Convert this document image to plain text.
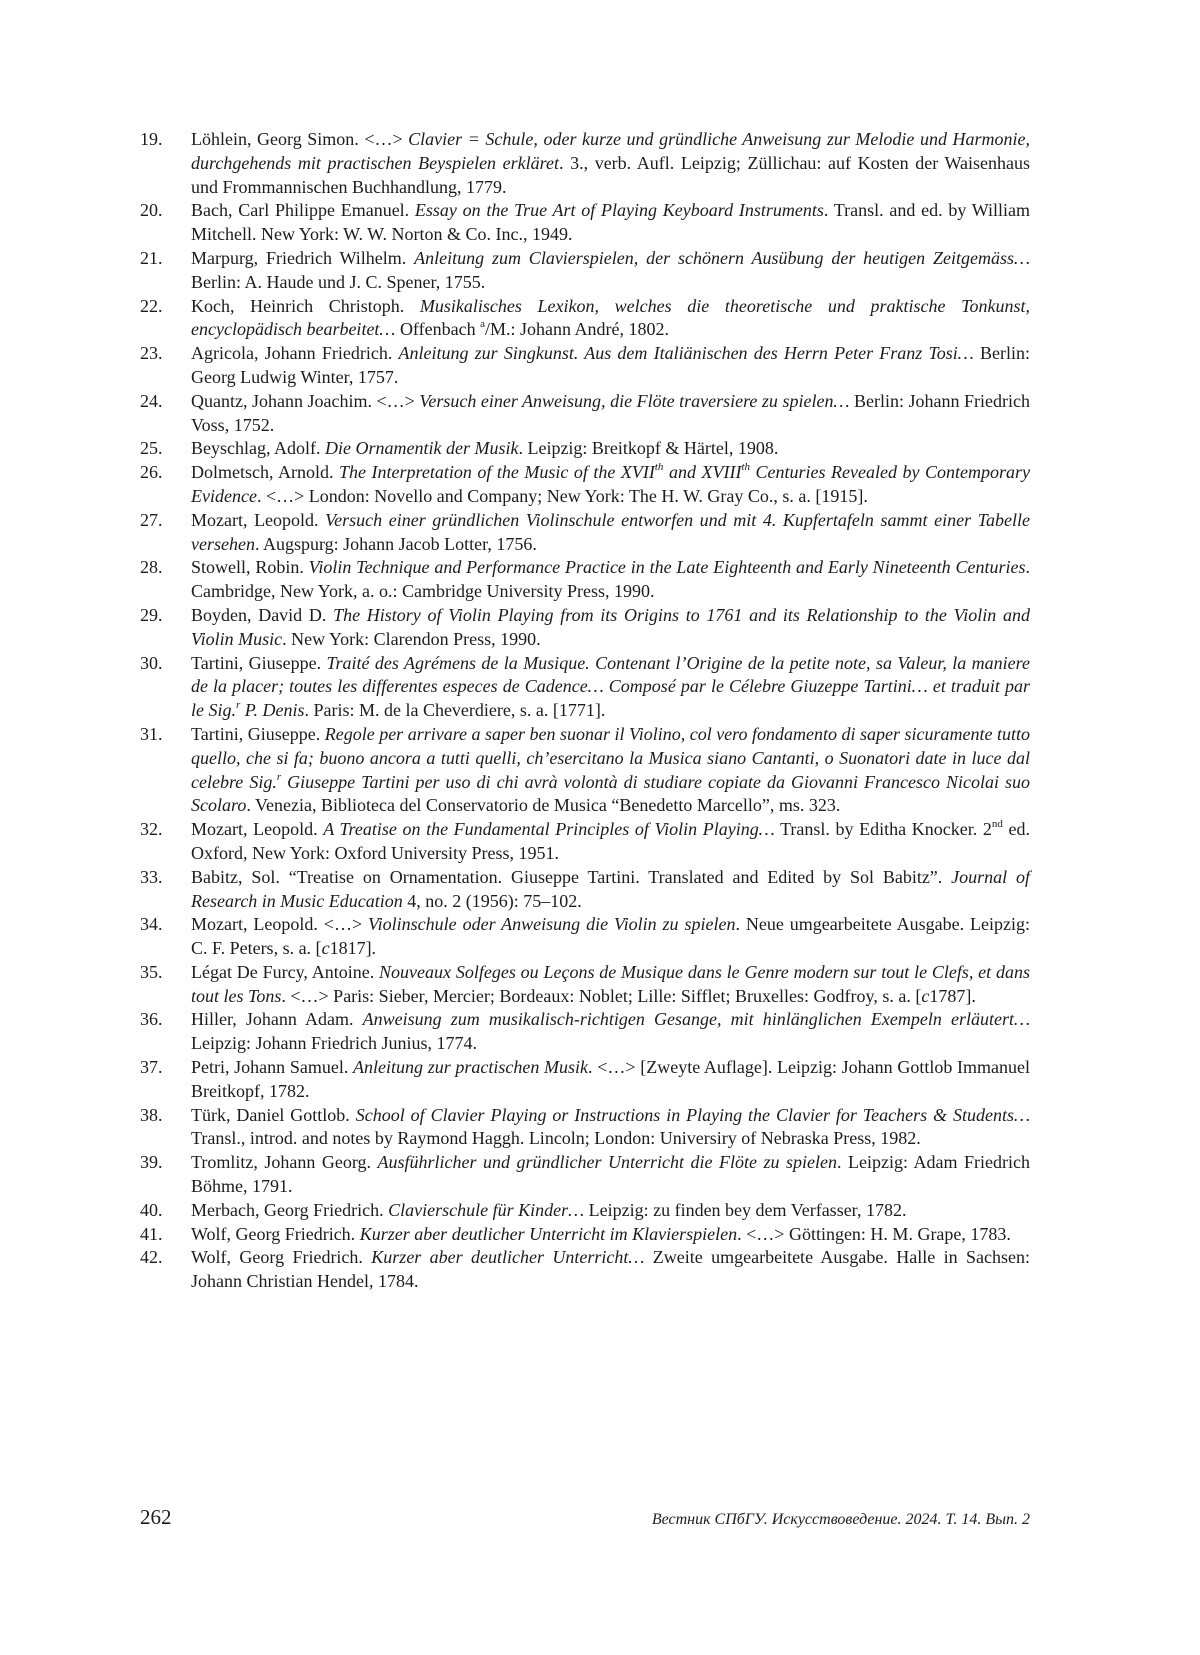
19.	Löhlein, Georg Simon. <…> Clavier = Schule, oder kurze und gründliche Anweisung zur Melodie und Harmonie, durchgehends mit practischen Beyspielen erkläret. 3., verb. Aufl. Leipzig; Züllichau: auf Kosten der Waisenhaus und Frommannischen Buchhandlung, 1779.
20.	Bach, Carl Philippe Emanuel. Essay on the True Art of Playing Keyboard Instruments. Transl. and ed. by William Mitchell. New York: W. W. Norton & Co. Inc., 1949.
21.	Marpurg, Friedrich Wilhelm. Anleitung zum Clavierspielen, der schönern Ausübung der heutigen Zeitgemäss… Berlin: A. Haude und J. C. Spener, 1755.
22.	Koch, Heinrich Christoph. Musikalisches Lexikon, welches die theoretische und praktische Tonkunst, encyclopädisch bearbeitet… Offenbach $^a$/M.: Johann André, 1802.
23.	Agricola, Johann Friedrich. Anleitung zur Singkunst. Aus dem Italiänischen des Herrn Peter Franz Tosi… Berlin: Georg Ludwig Winter, 1757.
24.	Quantz, Johann Joachim. <…> Versuch einer Anweisung, die Flöte traversiere zu spielen… Berlin: Johann Friedrich Voss, 1752.
25.	Beyschlag, Adolf. Die Ornamentik der Musik. Leipzig: Breitkopf & Härtel, 1908.
26.	Dolmetsch, Arnold. The Interpretation of the Music of the XVIIth and XVIIIth Centuries Revealed by Contemporary Evidence. <…> London: Novello and Company; New York: The H. W. Gray Co., s. a. [1915].
27.	Mozart, Leopold. Versuch einer gründlichen Violinschule entworfen und mit 4. Kupfertafeln sammt einer Tabelle versehen. Augspurg: Johann Jacob Lotter, 1756.
28.	Stowell, Robin. Violin Technique and Performance Practice in the Late Eighteenth and Early Nineteenth Centuries. Cambridge, New York, a. o.: Cambridge University Press, 1990.
29.	Boyden, David D. The History of Violin Playing from its Origins to 1761 and its Relationship to the Violin and Violin Music. New York: Clarendon Press, 1990.
30.	Tartini, Giuseppe. Traité des Agrémens de la Musique. Contenant l’Origine de la petite note, sa Valeur, la maniere de la placer; toutes les differentes especes de Cadence… Composé par le Célebre Giuzeppe Tartini… et traduit par le Sig.$^r$ P. Denis. Paris: M. de la Cheverdiere, s. a. [1771].
31.	Tartini, Giuseppe. Regole per arrivare a saper ben suonar il Violino, col vero fondamento di saper sicuramente tutto quello, che si fa; buono ancora a tutti quelli, ch’esercitano la Musica siano Cantanti, o Suonatori date in luce dal celebre Sig.$^r$ Giuseppe Tartini per uso di chi avrà volontà di studiare copiate da Giovanni Francesco Nicolai suo Scolaro. Venezia, Biblioteca del Conservatorio de Musica “Benedetto Marcello”, ms. 323.
32.	Mozart, Leopold. A Treatise on the Fundamental Principles of Violin Playing… Transl. by Editha Knocker. 2nd ed. Oxford, New York: Oxford University Press, 1951.
33.	Babitz, Sol. “Treatise on Ornamentation. Giuseppe Tartini. Translated and Edited by Sol Babitz”. Journal of Research in Music Education 4, no. 2 (1956): 75–102.
34.	Mozart, Leopold. <…> Violinschule oder Anweisung die Violin zu spielen. Neue umgearbeitete Ausgabe. Leipzig: C. F. Peters, s. a. [c1817].
35.	Légat De Furcy, Antoine. Nouveaux Solfeges ou Leçons de Musique dans le Genre modern sur tout le Clefs, et dans tout les Tons. <…> Paris: Sieber, Mercier; Bordeaux: Noblet; Lille: Sifflet; Bruxelles: Godfroy, s. a. [c1787].
36.	Hiller, Johann Adam. Anweisung zum musikalisch-richtigen Gesange, mit hinlänglichen Exempeln erläutert… Leipzig: Johann Friedrich Junius, 1774.
37.	Petri, Johann Samuel. Anleitung zur practischen Musik. <…> [Zweyte Auflage]. Leipzig: Johann Gottlob Immanuel Breitkopf, 1782.
38.	Türk, Daniel Gottlob. School of Clavier Playing or Instructions in Playing the Clavier for Teachers & Students… Transl., introd. and notes by Raymond Haggh. Lincoln; London: Universiry of Nebraska Press, 1982.
39.	Tromlitz, Johann Georg. Ausführlicher und gründlicher Unterricht die Flöte zu spielen. Leipzig: Adam Friedrich Böhme, 1791.
40.	Merbach, Georg Friedrich. Clavierschule für Kinder… Leipzig: zu finden bey dem Verfasser, 1782.
41.	Wolf, Georg Friedrich. Kurzer aber deutlicher Unterricht im Klavierspielen. <…> Göttingen: H. M. Grape, 1783.
42.	Wolf, Georg Friedrich. Kurzer aber deutlicher Unterricht… Zweite umgearbeitete Ausgabe. Halle in Sachsen: Johann Christian Hendel, 1784.
262	Вестник СПбГУ. Искусствоведение. 2024. Т. 14. Вып. 2
